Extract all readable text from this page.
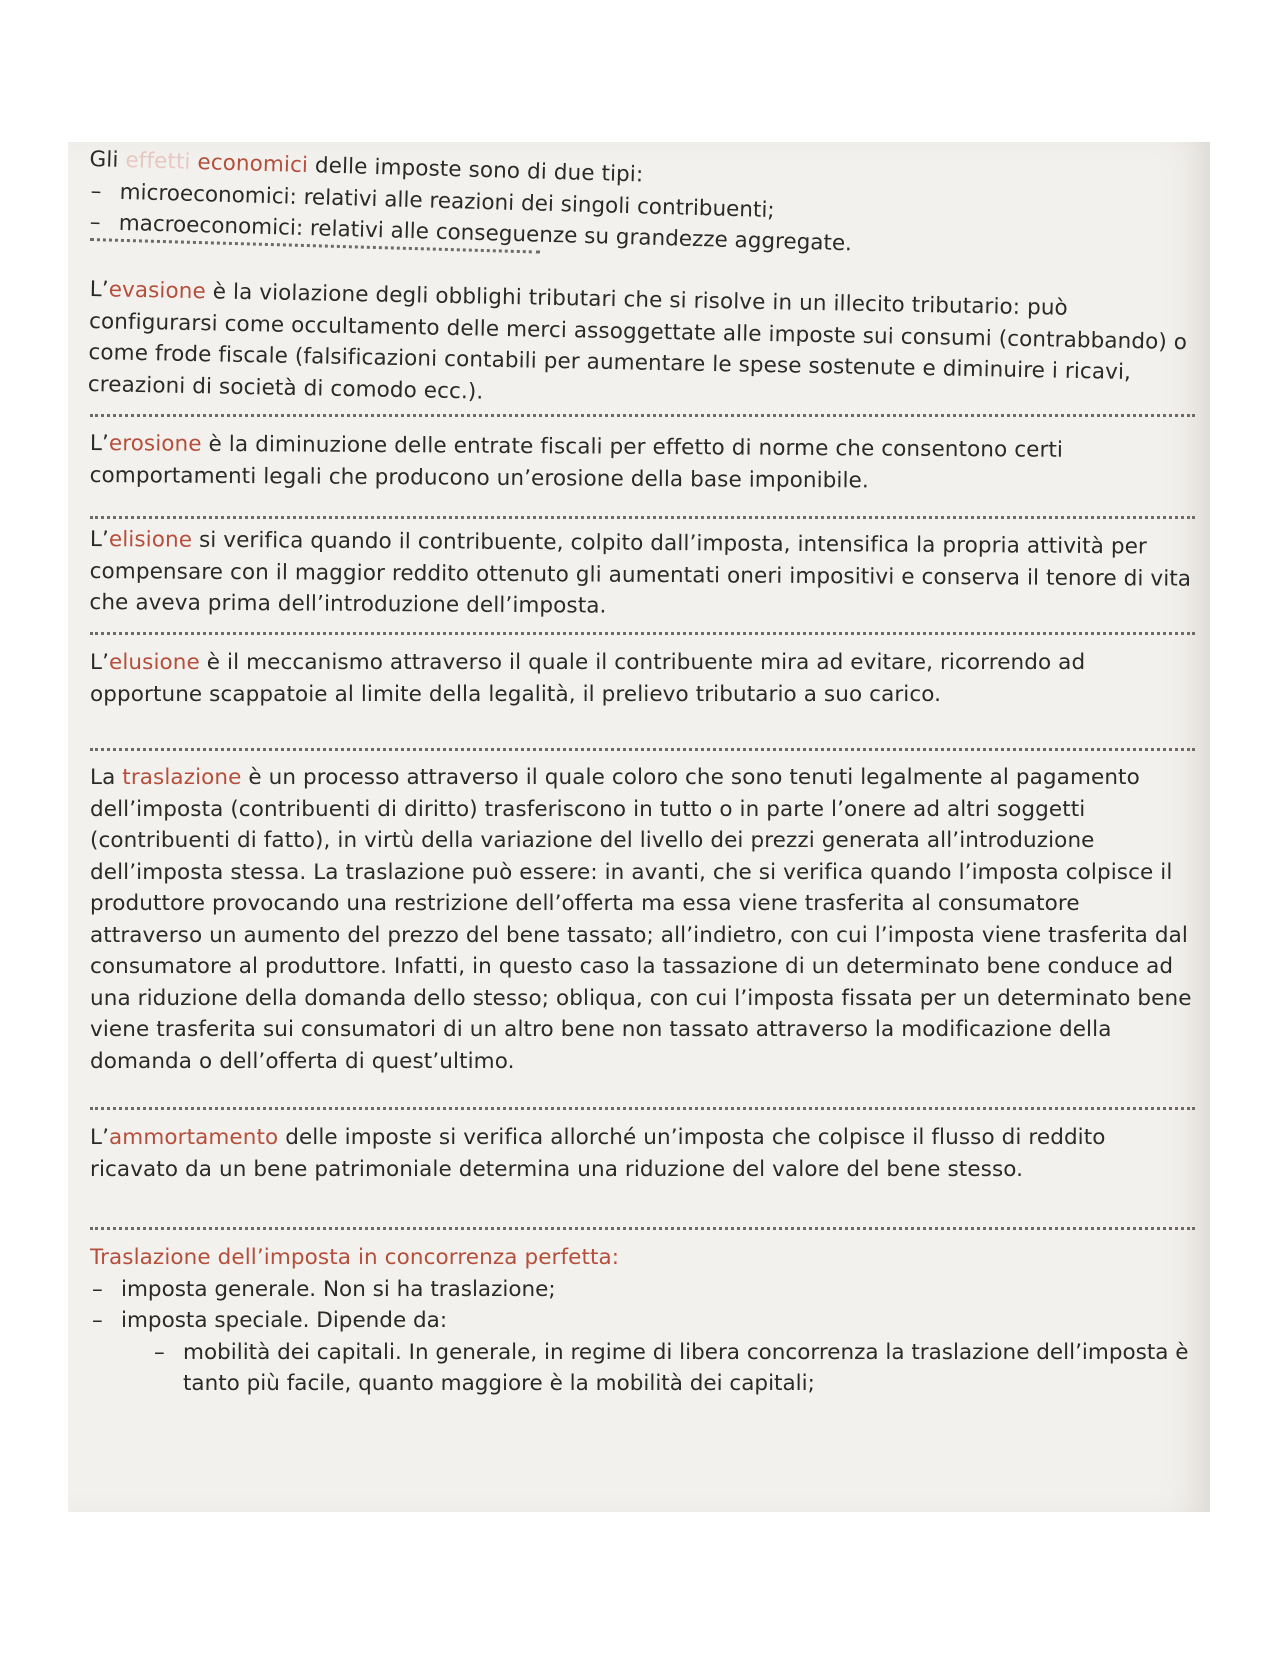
Gli effetti economici delle imposte sono di due tipi:

– microeconomici: relativi alle reazioni dei singoli contribuenti;
– macroeconomici: relativi alle conseguenze su grandezze aggregate.

L’evasione è la violazione degli obblighi tributari che si risolve in un illecito tributario: può configurarsi come occultamento delle merci assoggettate alle imposte sui consumi (contrabbando) o come frode fiscale (falsificazioni contabili per aumentare le spese sostenute e diminuire i ricavi, creazioni di società di comodo ecc.).

L’erosione è la diminuzione delle entrate fiscali per effetto di norme che consentono certi comportamenti legali che producono un’erosione della base imponibile.

L’elisione si verifica quando il contribuente, colpito dall’imposta, intensifica la propria attività per compensare con il maggior reddito ottenuto gli aumentati oneri impositivi e conserva il tenore di vita che aveva prima dell’introduzione dell’imposta.

L’elusione è il meccanismo attraverso il quale il contribuente mira ad evitare, ricorrendo ad opportune scappatoie al limite della legalità, il prelievo tributario a suo carico.

La traslazione è un processo attraverso il quale coloro che sono tenuti legalmente al pagamento dell’imposta (contribuenti di diritto) trasferiscono in tutto o in parte l’onere ad altri soggetti (contribuenti di fatto), in virtù della variazione del livello dei prezzi generata all’introduzione dell’imposta stessa. La traslazione può essere: in avanti, che si verifica quando l’imposta colpisce il produttore provocando una restrizione dell’offerta ma essa viene trasferita al consumatore attraverso un aumento del prezzo del bene tassato; all’indietro, con cui l’imposta viene trasferita dal consumatore al produttore. Infatti, in questo caso la tassazione di un determinato bene conduce ad una riduzione della domanda dello stesso; obliqua, con cui l’imposta fissata per un determinato bene viene trasferita sui consumatori di un altro bene non tassato attraverso la modificazione della domanda o dell’offerta di quest’ultimo.

L’ammortamento delle imposte si verifica allorché un’imposta che colpisce il flusso di reddito ricavato da un bene patrimoniale determina una riduzione del valore del bene stesso.

Traslazione dell’imposta in concorrenza perfetta:

– imposta generale. Non si ha traslazione;
– imposta speciale. Dipende da:
– mobilità dei capitali. In generale, in regime di libera concorrenza la traslazione dell’imposta è tanto più facile, quanto maggiore è la mobilità dei capitali;
